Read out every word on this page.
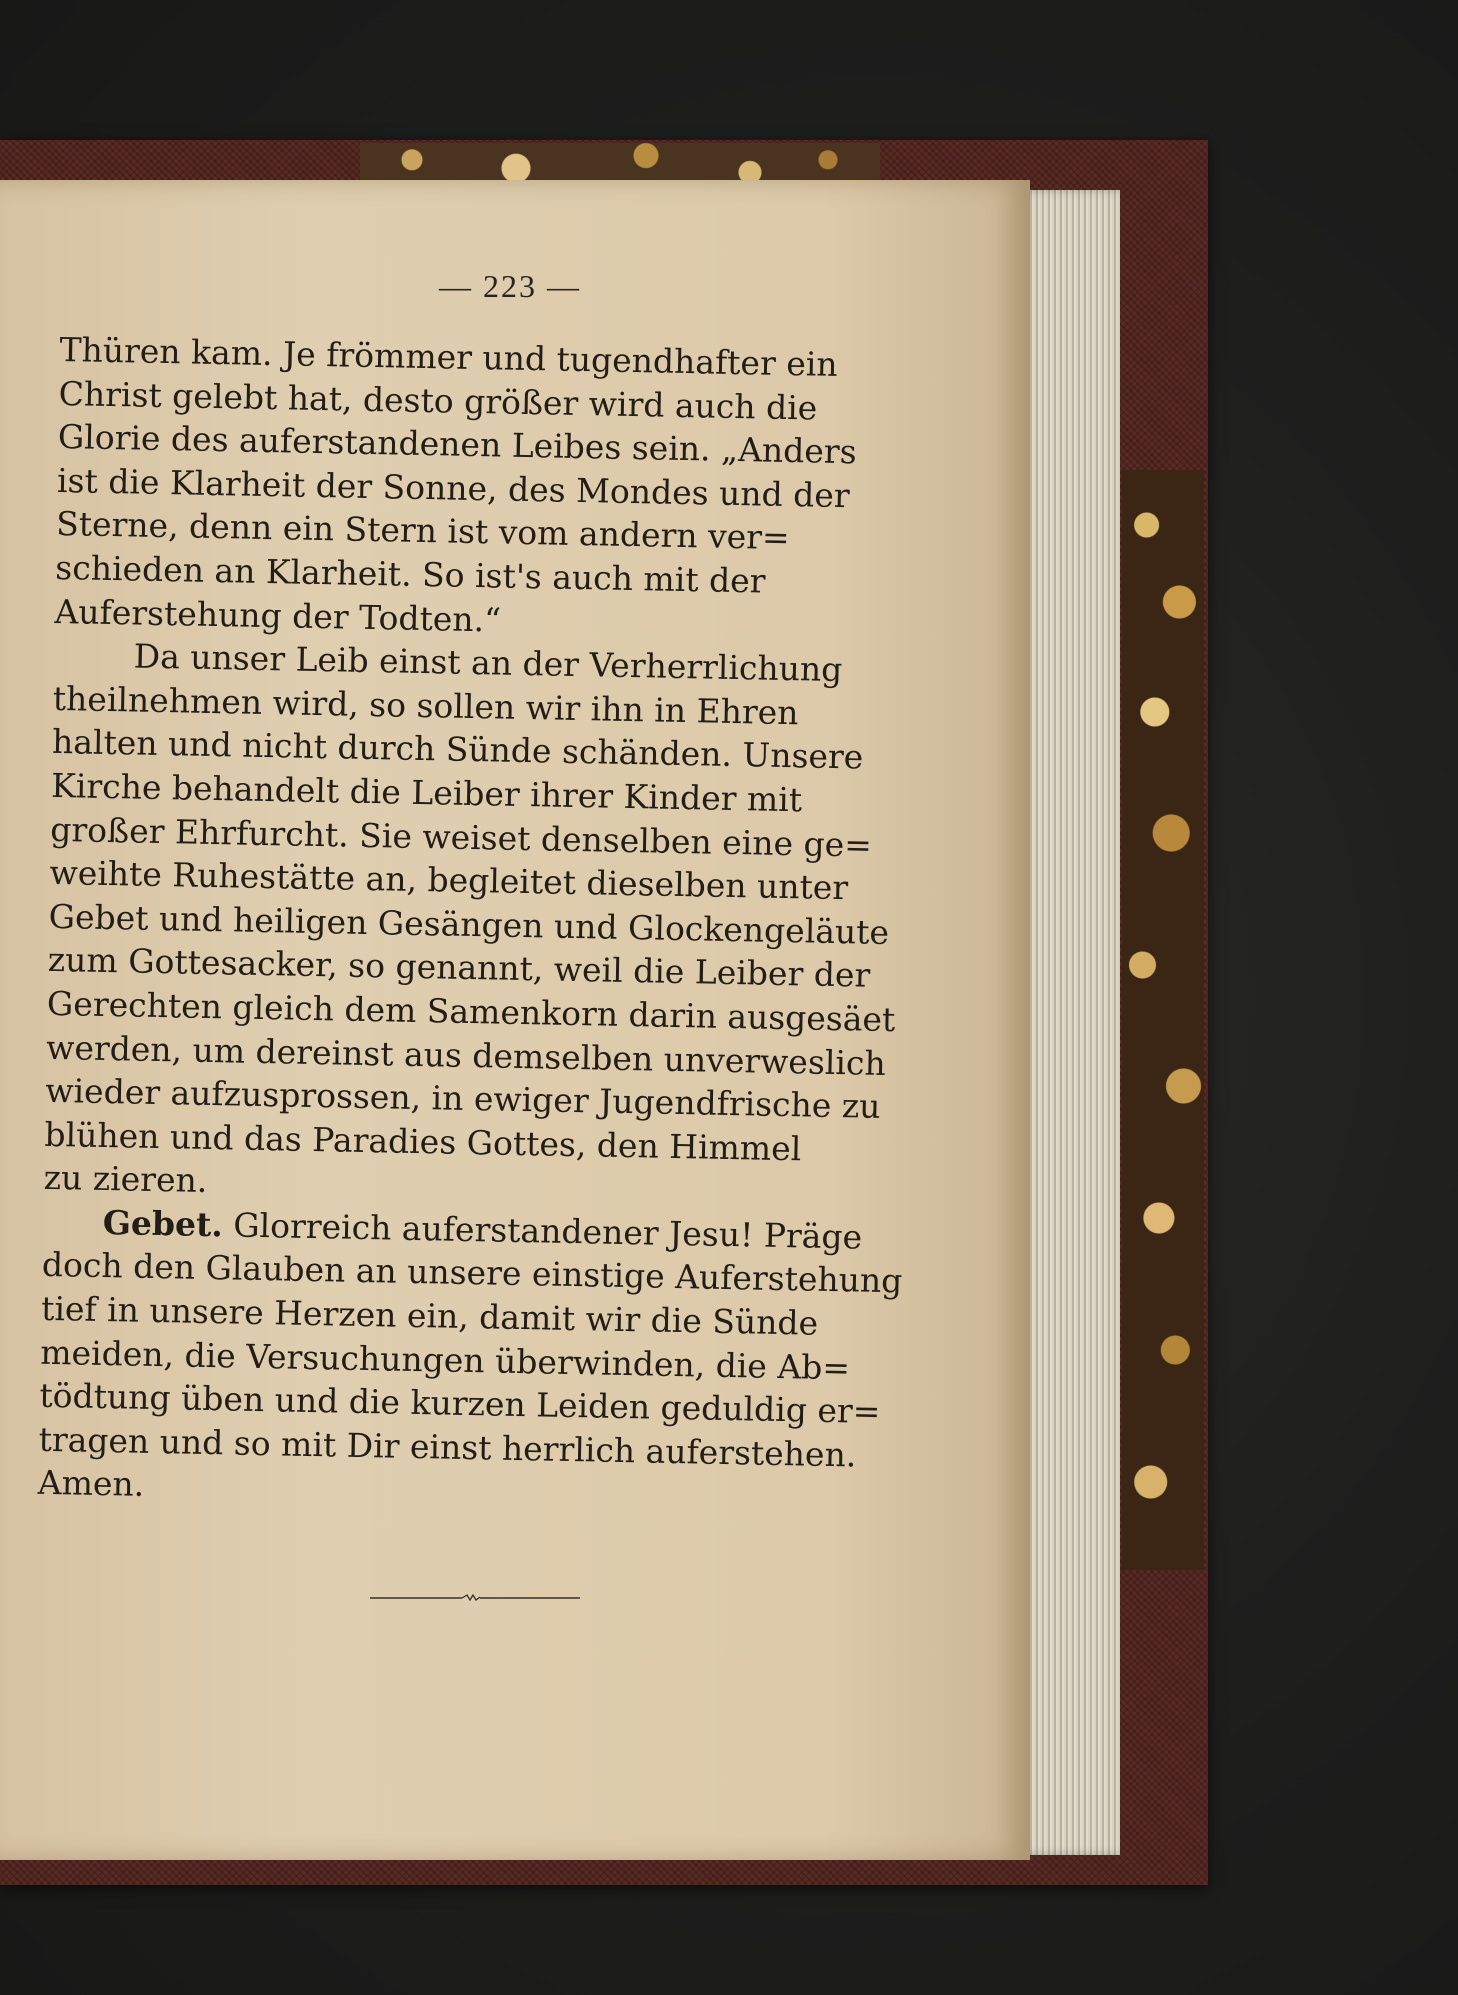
— 223 —

Thüren kam. Je frömmer und tugendhafter ein
Christ gelebt hat, desto größer wird auch die
Glorie des auferstandenen Leibes sein. „Anders
ist die Klarheit der Sonne, des Mondes und der
Sterne, denn ein Stern ist vom andern ver=
schieden an Klarheit. So ist's auch mit der
Auferstehung der Todten.“

Da unser Leib einst an der Verherrlichung
theilnehmen wird, so sollen wir ihn in Ehren
halten und nicht durch Sünde schänden. Unsere
Kirche behandelt die Leiber ihrer Kinder mit
großer Ehrfurcht. Sie weiset denselben eine ge=
weihte Ruhestätte an, begleitet dieselben unter
Gebet und heiligen Gesängen und Glockengeläute
zum Gottesacker, so genannt, weil die Leiber der
Gerechten gleich dem Samenkorn darin ausgesäet
werden, um dereinst aus demselben unverweslich
wieder aufzusprossen, in ewiger Jugendfrische zu
blühen und das Paradies Gottes, den Himmel
zu zieren.

Gebet. Glorreich auferstandener Jesu! Präge
doch den Glauben an unsere einstige Auferstehung
tief in unsere Herzen ein, damit wir die Sünde
meiden, die Versuchungen überwinden, die Ab=
tödtung üben und die kurzen Leiden geduldig er=
tragen und so mit Dir einst herrlich auferstehen.
Amen.
